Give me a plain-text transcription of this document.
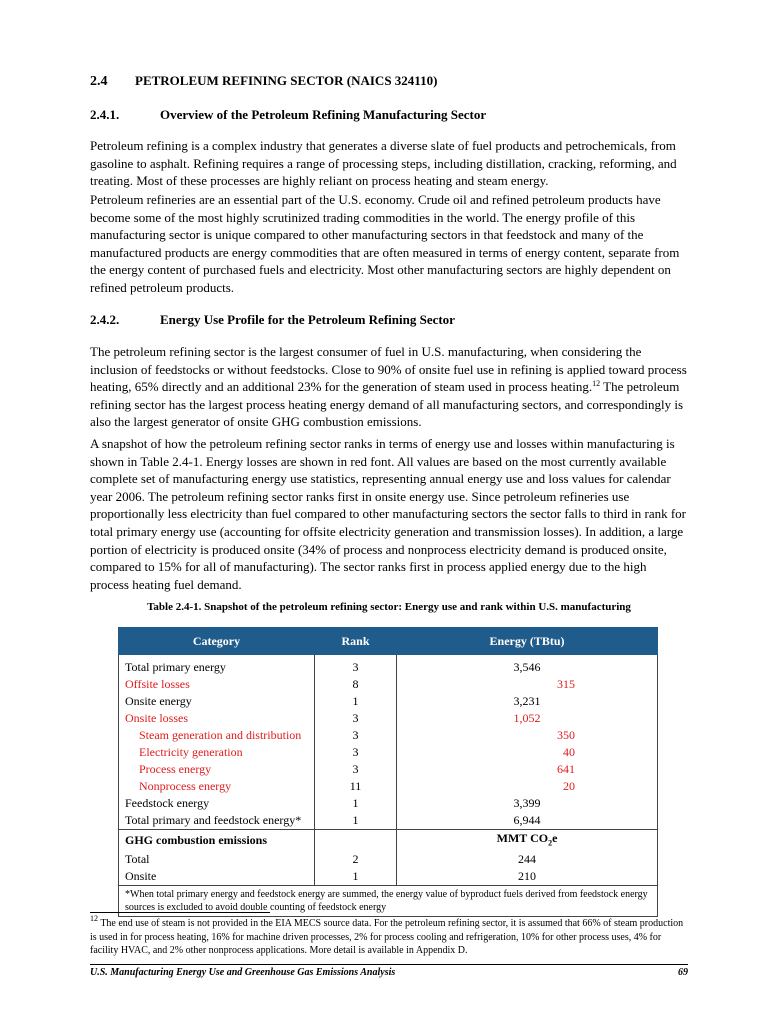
2.4 PETROLEUM REFINING SECTOR (NAICS 324110)
2.4.1.	Overview of the Petroleum Refining Manufacturing Sector

Petroleum refining is a complex industry that generates a diverse slate of fuel products and petrochemicals, from gasoline to asphalt. Refining requires a range of processing steps, including distillation, cracking, reforming, and treating. Most of these processes are highly reliant on process heating and steam energy.

Petroleum refineries are an essential part of the U.S. economy. Crude oil and refined petroleum products have become some of the most highly scrutinized trading commodities in the world. The energy profile of this manufacturing sector is unique compared to other manufacturing sectors in that feedstock and many of the manufactured products are energy commodities that are often measured in terms of energy content, separate from the energy content of purchased fuels and electricity. Most other manufacturing sectors are highly dependent on refined petroleum products.

2.4.2.	Energy Use Profile for the Petroleum Refining Sector

The petroleum refining sector is the largest consumer of fuel in U.S. manufacturing, when considering the inclusion of feedstocks or without feedstocks. Close to 90% of onsite fuel use in refining is applied toward process heating, 65% directly and an additional 23% for the generation of steam used in process heating.$^{12}$ The petroleum refining sector has the largest process heating energy demand of all manufacturing sectors, and correspondingly is also the largest generator of onsite GHG combustion emissions.

A snapshot of how the petroleum refining sector ranks in terms of energy use and losses within manufacturing is shown in Table 2.4-1. Energy losses are shown in red font. All values are based on the most currently available complete set of manufacturing energy use statistics, representing annual energy use and loss values for calendar year 2006. The petroleum refining sector ranks first in onsite energy use. Since petroleum refineries use proportionally less electricity than fuel compared to other manufacturing sectors the sector falls to third in rank for total primary energy use (accounting for offsite electricity generation and transmission losses). In addition, a large portion of electricity is produced onsite (34% of process and nonprocess electricity demand is produced onsite, compared to 15% for all of manufacturing). The sector ranks first in process applied energy due to the high process heating fuel demand.

Table 2.4-1. Snapshot of the petroleum refining sector: Energy use and rank within U.S. manufacturing
Category	Rank	Energy (TBtu)

Total primary energy	3	3,546
Offsite losses	8	315
Onsite energy	1	3,231
Onsite losses	3	1,052
Steam generation and distribution	3	350
Electricity generation	3	40
Process energy	3	641
Nonprocess energy	11	20
Feedstock energy	1	3,399
Total primary and feedstock energy*	1	6,944
GHG combustion emissions		MMT $CO_2e$
Total	2	244
Onsite	1	210
*When total primary energy and feedstock energy are summed, the energy value of byproduct fuels derived from feedstock energy sources is excluded to avoid double counting of feedstock energy		
$^{12}$ The end use of steam is not provided in the EIA MECS source data. For the petroleum refining sector, it is assumed that 66% of steam production is used in for process heating, 16% for machine driven processes, 2% for process cooling and refrigeration, 10% for other process uses, 4% for facility HVAC, and 2% other nonprocess applications. More detail is available in Appendix D.
U.S. Manufacturing Energy Use and Greenhouse Gas Emissions Analysis	69
